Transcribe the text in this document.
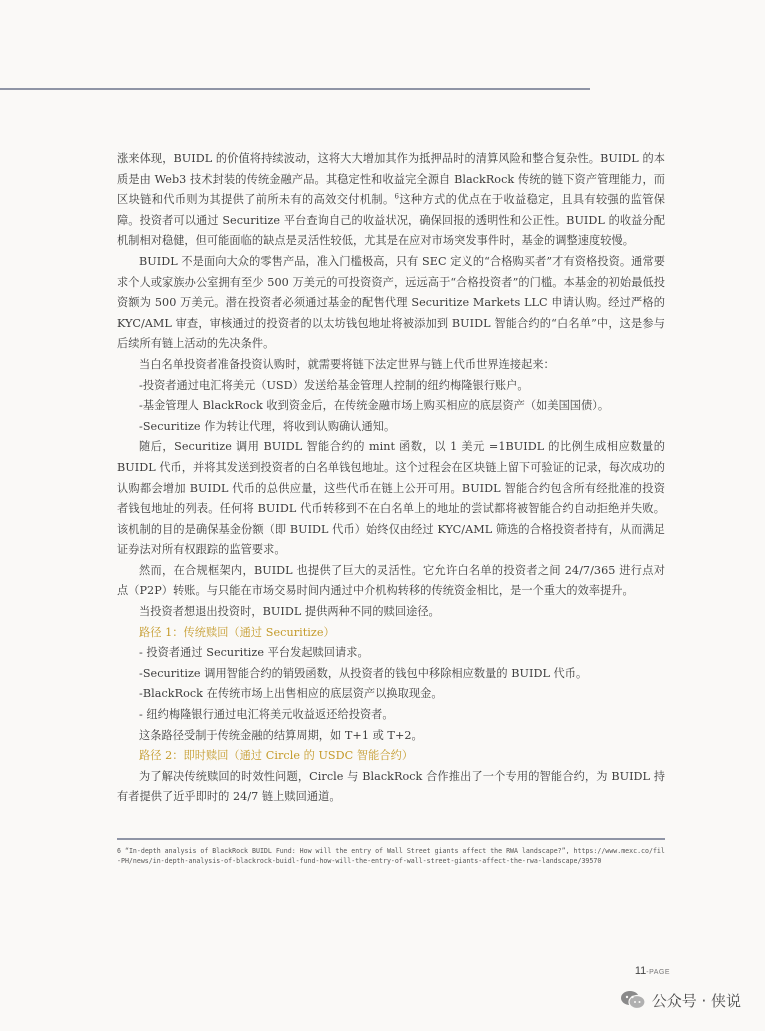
涨来体现，BUIDL 的价值将持续波动，这将大大增加其作为抵押品时的清算风险和整合复杂性。BUIDL 的本质是由 Web3 技术封装的传统金融产品。其稳定性和收益完全源自 BlackRock 传统的链下资产管理能力，而区块链和代币则为其提供了前所未有的高效交付机制。$^6$这种方式的优点在于收益稳定，且具有较强的监管保障。投资者可以通过 Securitize 平台查询自己的收益状况，确保回报的透明性和公正性。BUIDL 的收益分配机制相对稳健，但可能面临的缺点是灵活性较低，尤其是在应对市场突发事件时，基金的调整速度较慢。

BUIDL 不是面向大众的零售产品，准入门槛极高，只有 SEC 定义的“合格购买者”才有资格投资。通常要求个人或家族办公室拥有至少 500 万美元的可投资资产，远远高于“合格投资者”的门槛。本基金的初始最低投资额为 500 万美元。潜在投资者必须通过基金的配售代理 Securitize Markets LLC 申请认购。经过严格的 KYC/AML 审查，审核通过的投资者的以太坊钱包地址将被添加到 BUIDL 智能合约的“白名单”中，这是参与后续所有链上活动的先决条件。

当白名单投资者准备投资认购时，就需要将链下法定世界与链上代币世界连接起来：

-投资者通过电汇将美元（USD）发送给基金管理人控制的纽约梅隆银行账户。

-基金管理人 BlackRock 收到资金后，在传统金融市场上购买相应的底层资产（如美国国债）。

-Securitize 作为转让代理，将收到认购确认通知。

随后，Securitize 调用 BUIDL 智能合约的 mint 函数，以 1 美元 =1BUIDL 的比例生成相应数量的 BUIDL 代币，并将其发送到投资者的白名单钱包地址。这个过程会在区块链上留下可验证的记录，每次成功的认购都会增加 BUIDL 代币的总供应量，这些代币在链上公开可用。BUIDL 智能合约包含所有经批准的投资者钱包地址的列表。任何将 BUIDL 代币转移到不在白名单上的地址的尝试都将被智能合约自动拒绝并失败。该机制的目的是确保基金份额（即 BUIDL 代币）始终仅由经过 KYC/AML 筛选的合格投资者持有，从而满足证券法对所有权跟踪的监管要求。

然而，在合规框架内，BUIDL 也提供了巨大的灵活性。它允许白名单的投资者之间 24/7/365 进行点对点（P2P）转账。与只能在市场交易时间内通过中介机构转移的传统资金相比，是一个重大的效率提升。

当投资者想退出投资时，BUIDL 提供两种不同的赎回途径。

路径 1：传统赎回（通过 Securitize）

- 投资者通过 Securitize 平台发起赎回请求。

-Securitize 调用智能合约的销毁函数，从投资者的钱包中移除相应数量的 BUIDL 代币。

-BlackRock 在传统市场上出售相应的底层资产以换取现金。

- 纽约梅隆银行通过电汇将美元收益返还给投资者。

这条路径受制于传统金融的结算周期，如 T+1 或 T+2。

路径 2：即时赎回（通过 Circle 的 USDC 智能合约）

为了解决传统赎回的时效性问题，Circle 与 BlackRock 合作推出了一个专用的智能合约，为 BUIDL 持有者提供了近乎即时的 24/7 链上赎回通道。

6 “In-depth analysis of BlackRock BUIDL Fund: How will the entry of Wall Street giants affect the RWA landscape?”, https://www.mexc.co/fil-PH/news/in-depth-analysis-of-blackrock-buidl-fund-how-will-the-entry-of-wall-street-giants-affect-the-rwa-landscape/39570
11-PAGE
公众号 · 侠说
